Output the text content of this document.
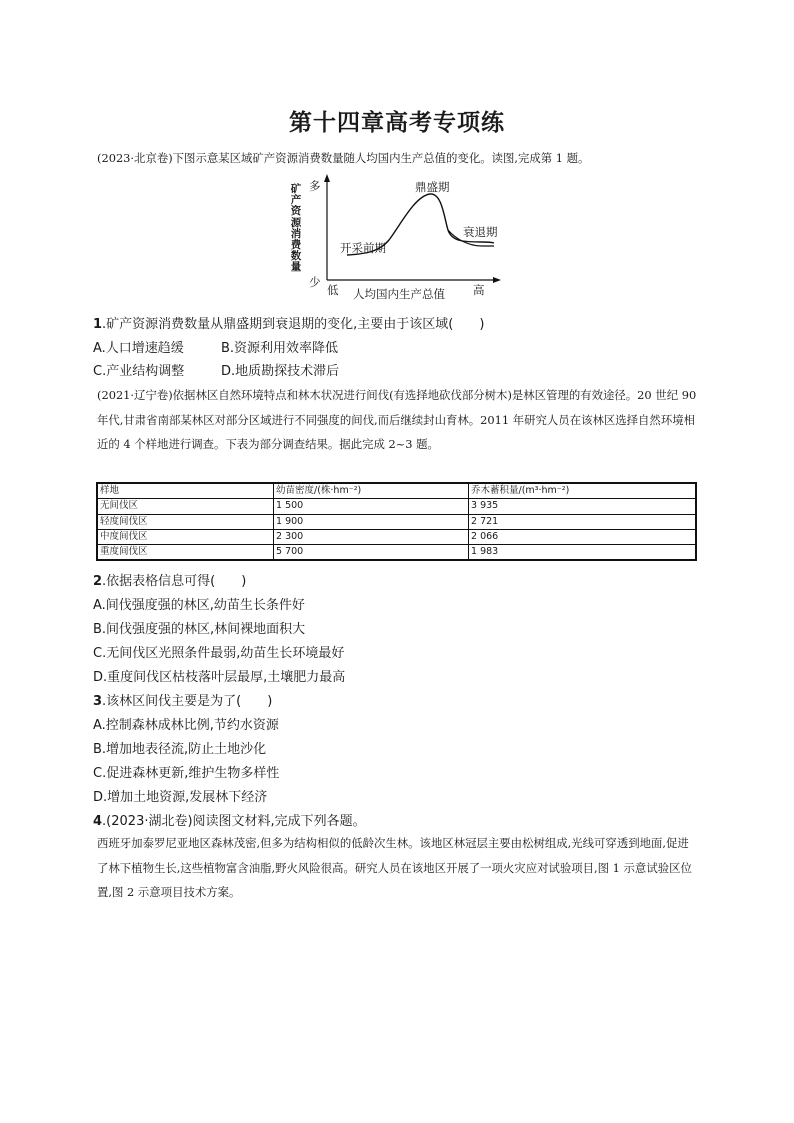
第十四章高考专项练
(2023·北京卷)下图示意某区域矿产资源消费数量随人均国内生产总值的变化。读图,完成第 1 题。
矿产资源消费数量
多
少
低 人均国内生产总值 高
鼎盛期
开采前期
衰退期
1.矿产资源消费数量从鼎盛期到衰退期的变化,主要由于该区域(　　)
A.人口增速趋缓	B.资源利用效率降低
C.产业结构调整	D.地质勘探技术滞后
(2021·辽宁卷)依据林区自然环境特点和林木状况进行间伐(有选择地砍伐部分树木)是林区管理的有效途径。20 世纪 90 年代,甘肃省南部某林区对部分区域进行不同强度的间伐,而后继续封山育林。2011 年研究人员在该林区选择自然环境相近的 4 个样地进行调查。下表为部分调查结果。据此完成 2~3 题。
样地	幼苗密度/(株·hm⁻²)	乔木蓄积量/(m³·hm⁻²)
无间伐区	1 500	3 935
轻度间伐区	1 900	2 721
中度间伐区	2 300	2 066
重度间伐区	5 700	1 983
2.依据表格信息可得(　　)
A.间伐强度强的林区,幼苗生长条件好
B.间伐强度强的林区,林间裸地面积大
C.无间伐区光照条件最弱,幼苗生长环境最好
D.重度间伐区枯枝落叶层最厚,土壤肥力最高
3.该林区间伐主要是为了(　　)
A.控制森林成林比例,节约水资源
B.增加地表径流,防止土地沙化
C.促进森林更新,维护生物多样性
D.增加土地资源,发展林下经济
4.(2023·湖北卷)阅读图文材料,完成下列各题。
西班牙加泰罗尼亚地区森林茂密,但多为结构相似的低龄次生林。该地区林冠层主要由松树组成,光线可穿透到地面,促进了林下植物生长,这些植物富含油脂,野火风险很高。研究人员在该地区开展了一项火灾应对试验项目,图 1 示意试验区位置,图 2 示意项目技术方案。
